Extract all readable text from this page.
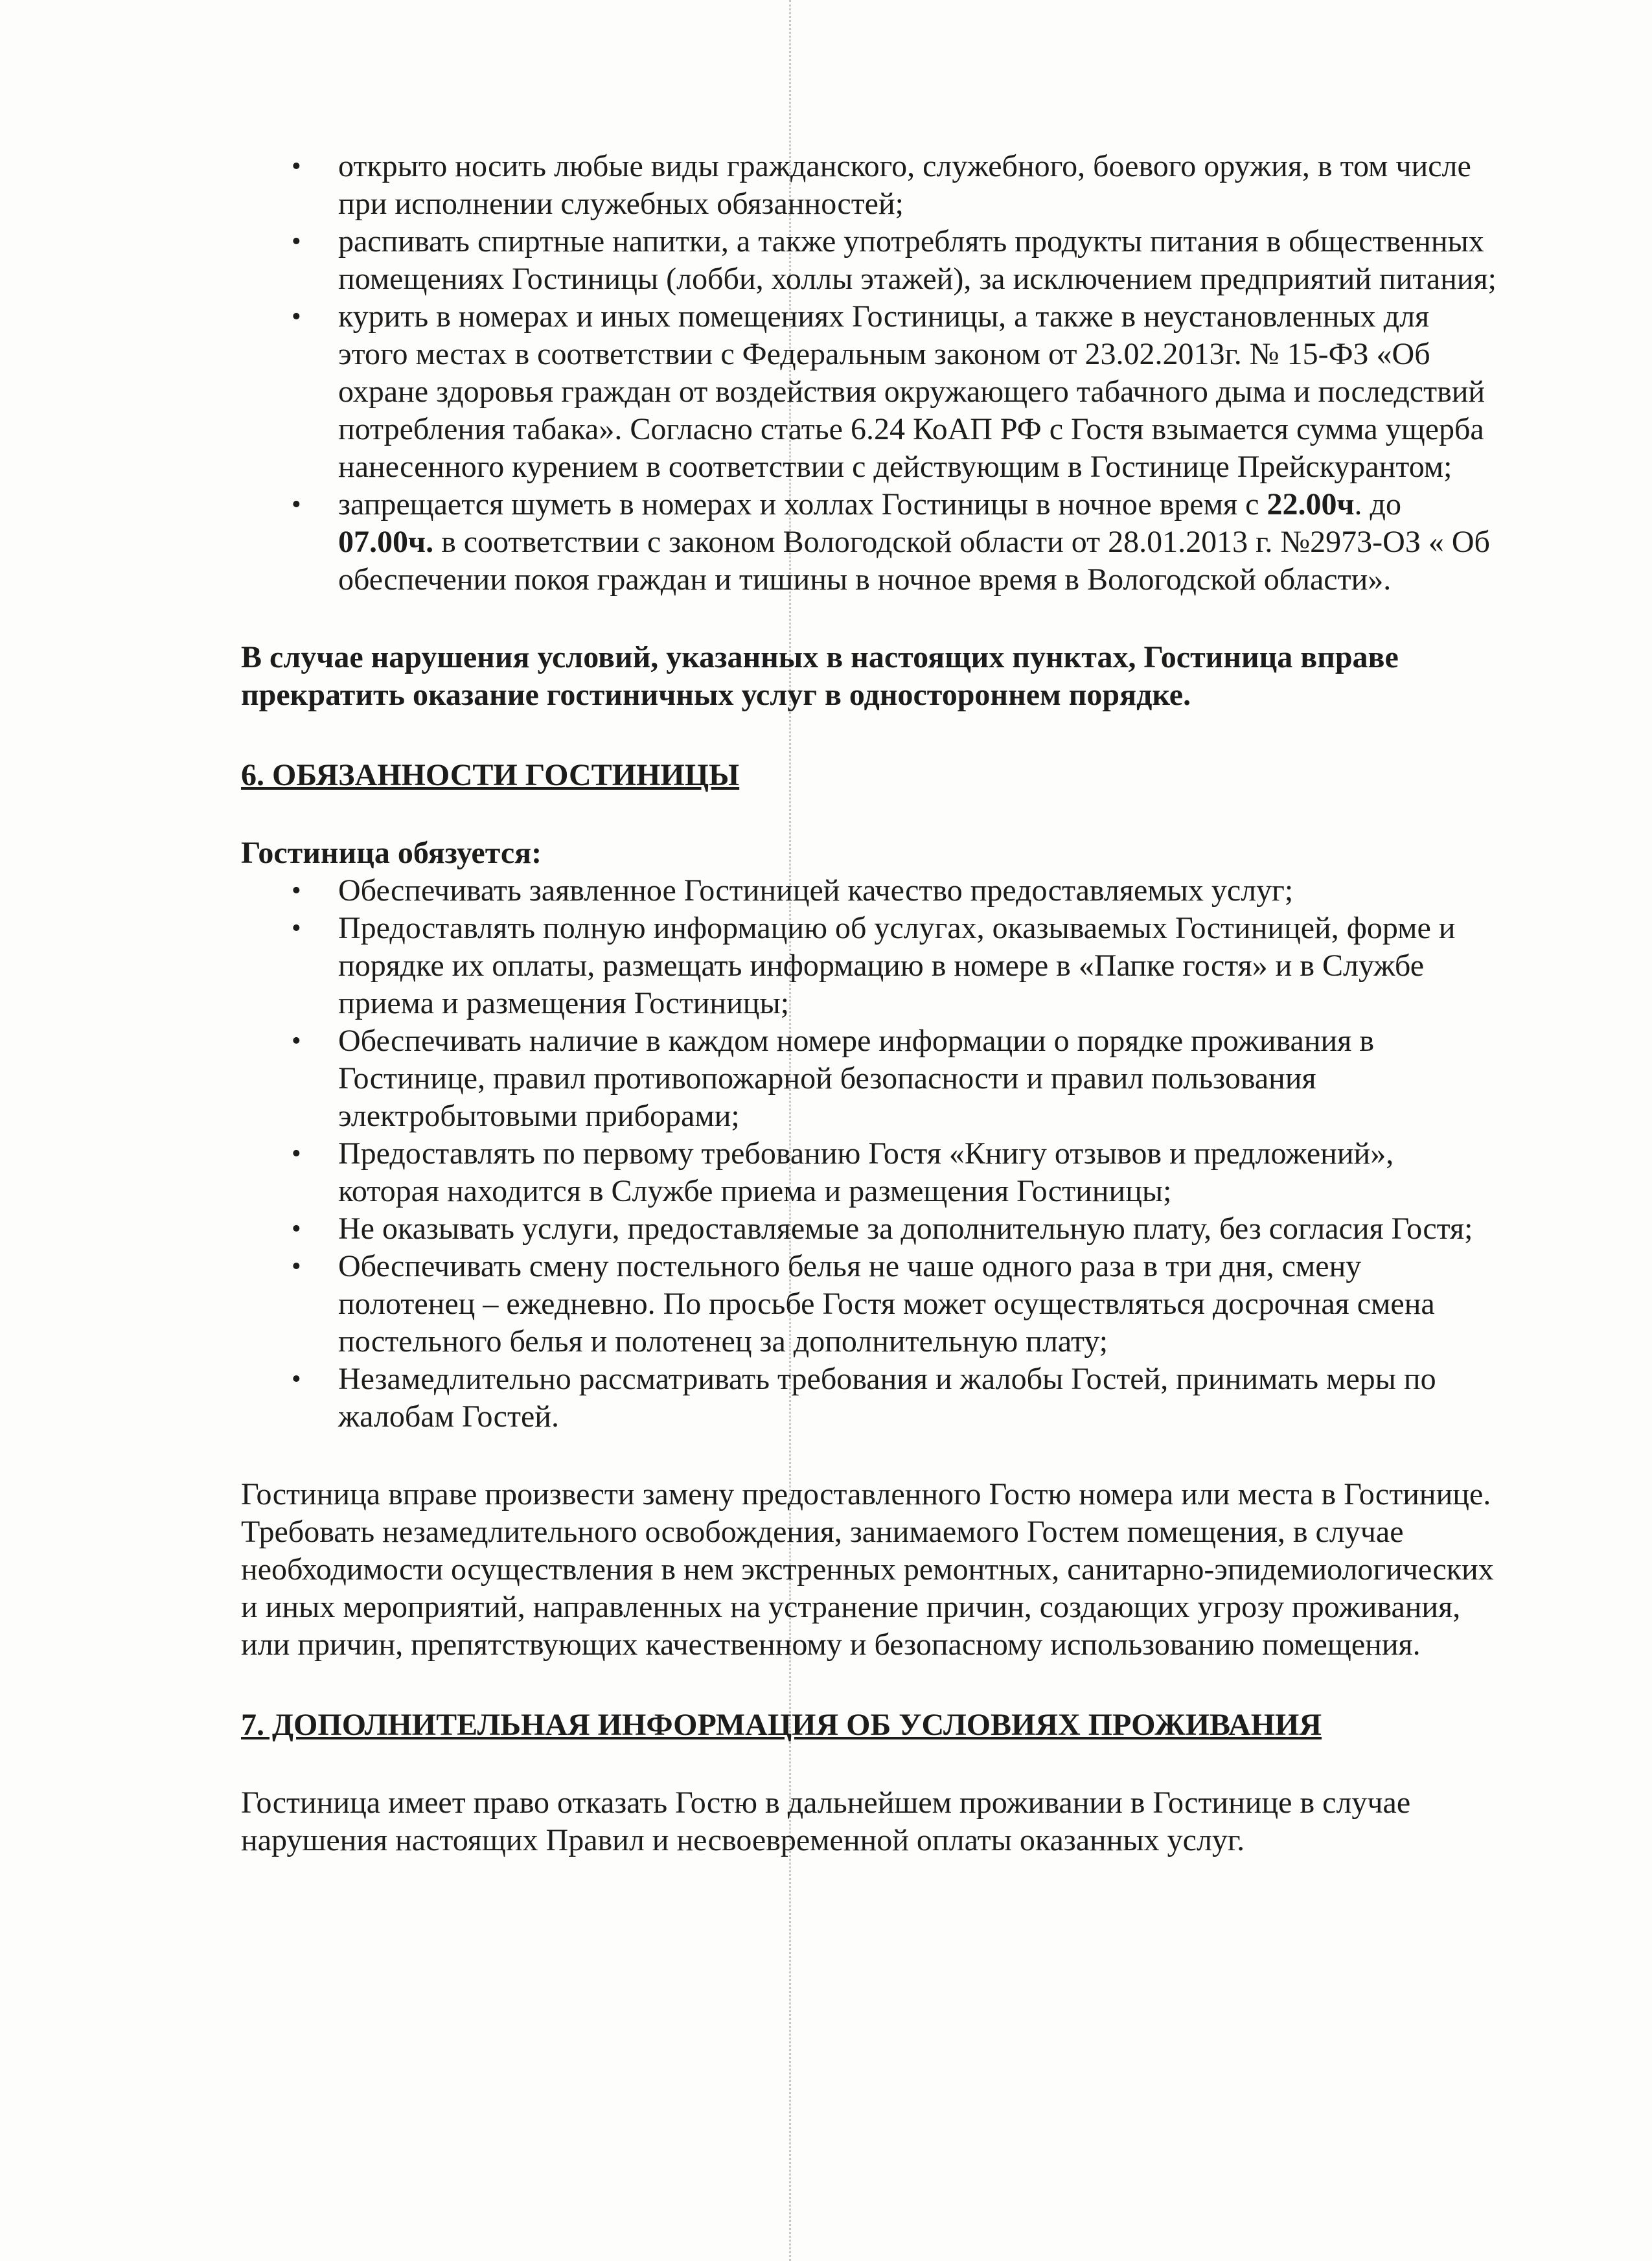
• открыто носить любые виды гражданского, служебного, боевого оружия, в том числе при исполнении служебных обязанностей;
• распивать спиртные напитки, а также употреблять продукты питания в общественных помещениях Гостиницы (лобби, холлы этажей), за исключением предприятий питания;
• курить в номерах и иных помещениях Гостиницы, а также в неустановленных для этого местах в соответствии с Федеральным законом от 23.02.2013г. № 15-ФЗ «Об охране здоровья граждан от воздействия окружающего табачного дыма и последствий потребления табака». Согласно статье 6.24 КоАП РФ с Гостя взымается сумма ущерба нанесенного курением в соответствии с действующим в Гостинице Прейскурантом;
• запрещается шуметь в номерах и холлах Гостиницы в ночное время с 22.00ч. до 07.00ч. в соответствии с законом Вологодской области от 28.01.2013 г. №2973-ОЗ « Об обеспечении покоя граждан и тишины в ночное время в Вологодской области».

В случае нарушения условий, указанных в настоящих пунктах, Гостиница вправе прекратить оказание гостиничных услуг в одностороннем порядке.

6. ОБЯЗАННОСТИ ГОСТИНИЦЫ

Гостиница обязуется:

• Обеспечивать заявленное Гостиницей качество предоставляемых услуг;
• Предоставлять полную информацию об услугах, оказываемых Гостиницей, форме и порядке их оплаты, размещать информацию в номере в «Папке гостя» и в Службе приема и размещения Гостиницы;
• Обеспечивать наличие в каждом номере информации о порядке проживания в Гостинице, правил противопожарной безопасности и правил пользования электробытовыми приборами;
• Предоставлять по первому требованию Гостя «Книгу отзывов и предложений», которая находится в Службе приема и размещения Гостиницы;
• Не оказывать услуги, предоставляемые за дополнительную плату, без согласия Гостя;
• Обеспечивать смену постельного белья не чаше одного раза в три дня, смену полотенец – ежедневно. По просьбе Гостя может осуществляться досрочная смена постельного белья и полотенец за дополнительную плату;
• Незамедлительно рассматривать требования и жалобы Гостей, принимать меры по жалобам Гостей.

Гостиница вправе произвести замену предоставленного Гостю номера или места в Гостинице. Требовать незамедлительного освобождения, занимаемого Гостем помещения, в случае необходимости осуществления в нем экстренных ремонтных, санитарно-эпидемиологических и иных мероприятий, направленных на устранение причин, создающих угрозу проживания, или причин, препятствующих качественному и безопасному использованию помещения.

7. ДОПОЛНИТЕЛЬНАЯ ИНФОРМАЦИЯ ОБ УСЛОВИЯХ ПРОЖИВАНИЯ

Гостиница имеет право отказать Гостю в дальнейшем проживании в Гостинице в случае нарушения настоящих Правил и несвоевременной оплаты оказанных услуг.
